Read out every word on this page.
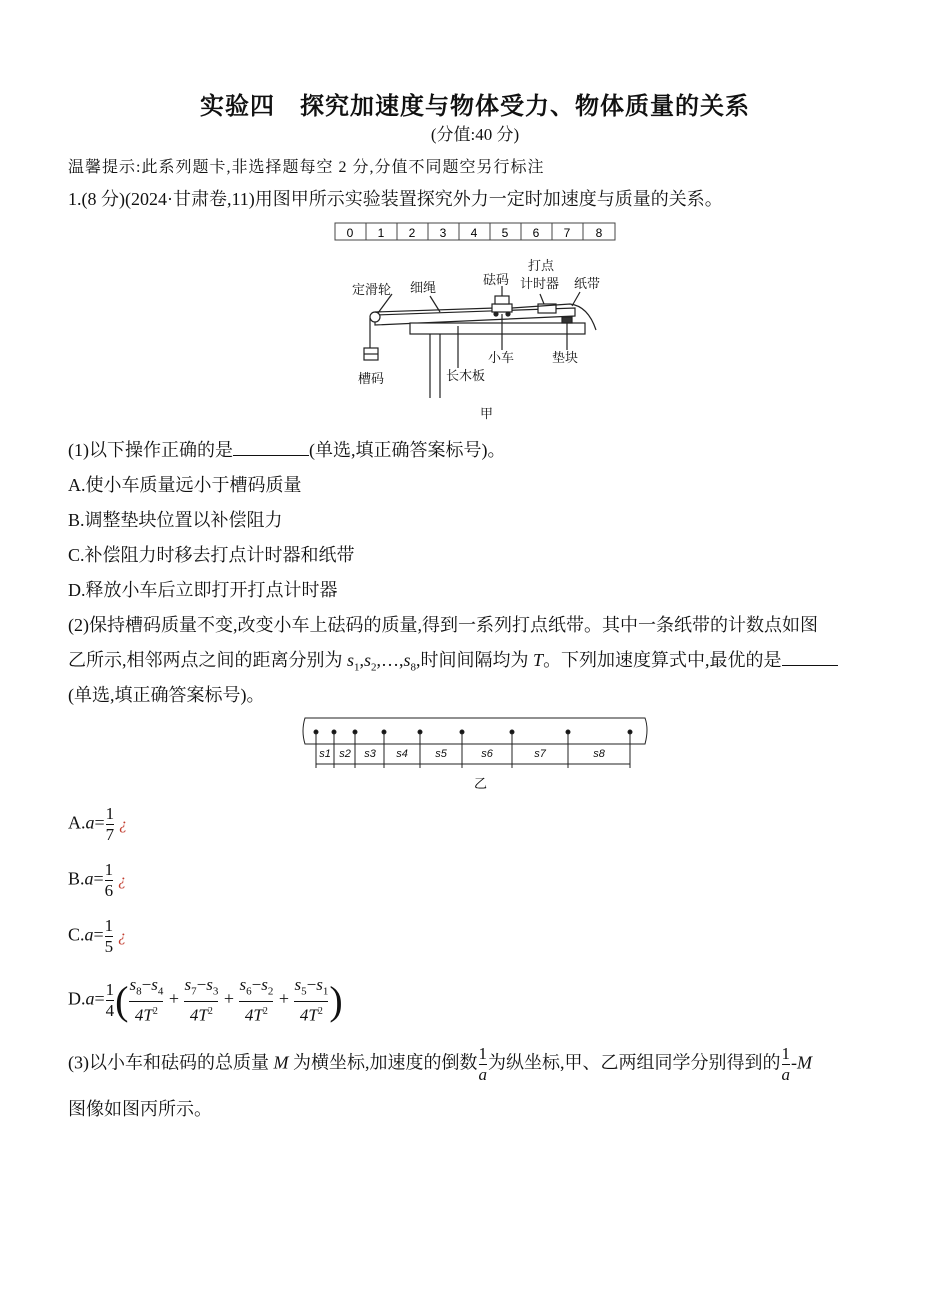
实验四　探究加速度与物体受力、物体质量的关系
(分值:40 分)
温馨提示:此系列题卡,非选择题每空 2 分,分值不同题空另行标注
1.(8 分)(2024·甘肃卷,11)用图甲所示实验装置探究外力一定时加速度与质量的关系。
0 1 2 3 4 5 6 7 8
定滑轮 细绳
砝码
打点
计时器 纸带
槽码	长木板
小车	垫块
甲
(1)以下操作正确的是	(单选,填正确答案标号)。
A.使小车质量远小于槽码质量
B.调整垫块位置以补偿阻力
C.补偿阻力时移去打点计时器和纸带
D.释放小车后立即打开打点计时器
(2)保持槽码质量不变,改变小车上砝码的质量,得到一系列打点纸带。其中一条纸带的计数点如图
乙所示,相邻两点之间的距离分别为 $s_1,s_2,\dots,s_8$,时间间隔均为 T。下列加速度算式中,最优的是
(单选,填正确答案标号)。
s1 s2 s3 s4 s5	s6	s7	s8
乙
$A.a= \frac{1}{7}$ ¿
$B.a= \frac{1}{6}$ ¿
$C.a= \frac{1}{5}$ ¿
$D.a= \frac{1}{4}$ ( $\frac{s_8-s_4}{4T^2} + \frac{s_7-s_3}{4T^2} + \frac{s_6-s_2}{4T^2} + \frac{s_5-s_1}{4T^2}$ )
(3)以小车和砝码的总质量 M 为横坐标,加速度的倒数 $\frac{1}{a}$ 为纵坐标,甲、乙两组同学分别得到的 $\frac{1}{a} -M$
图像如图丙所示。
